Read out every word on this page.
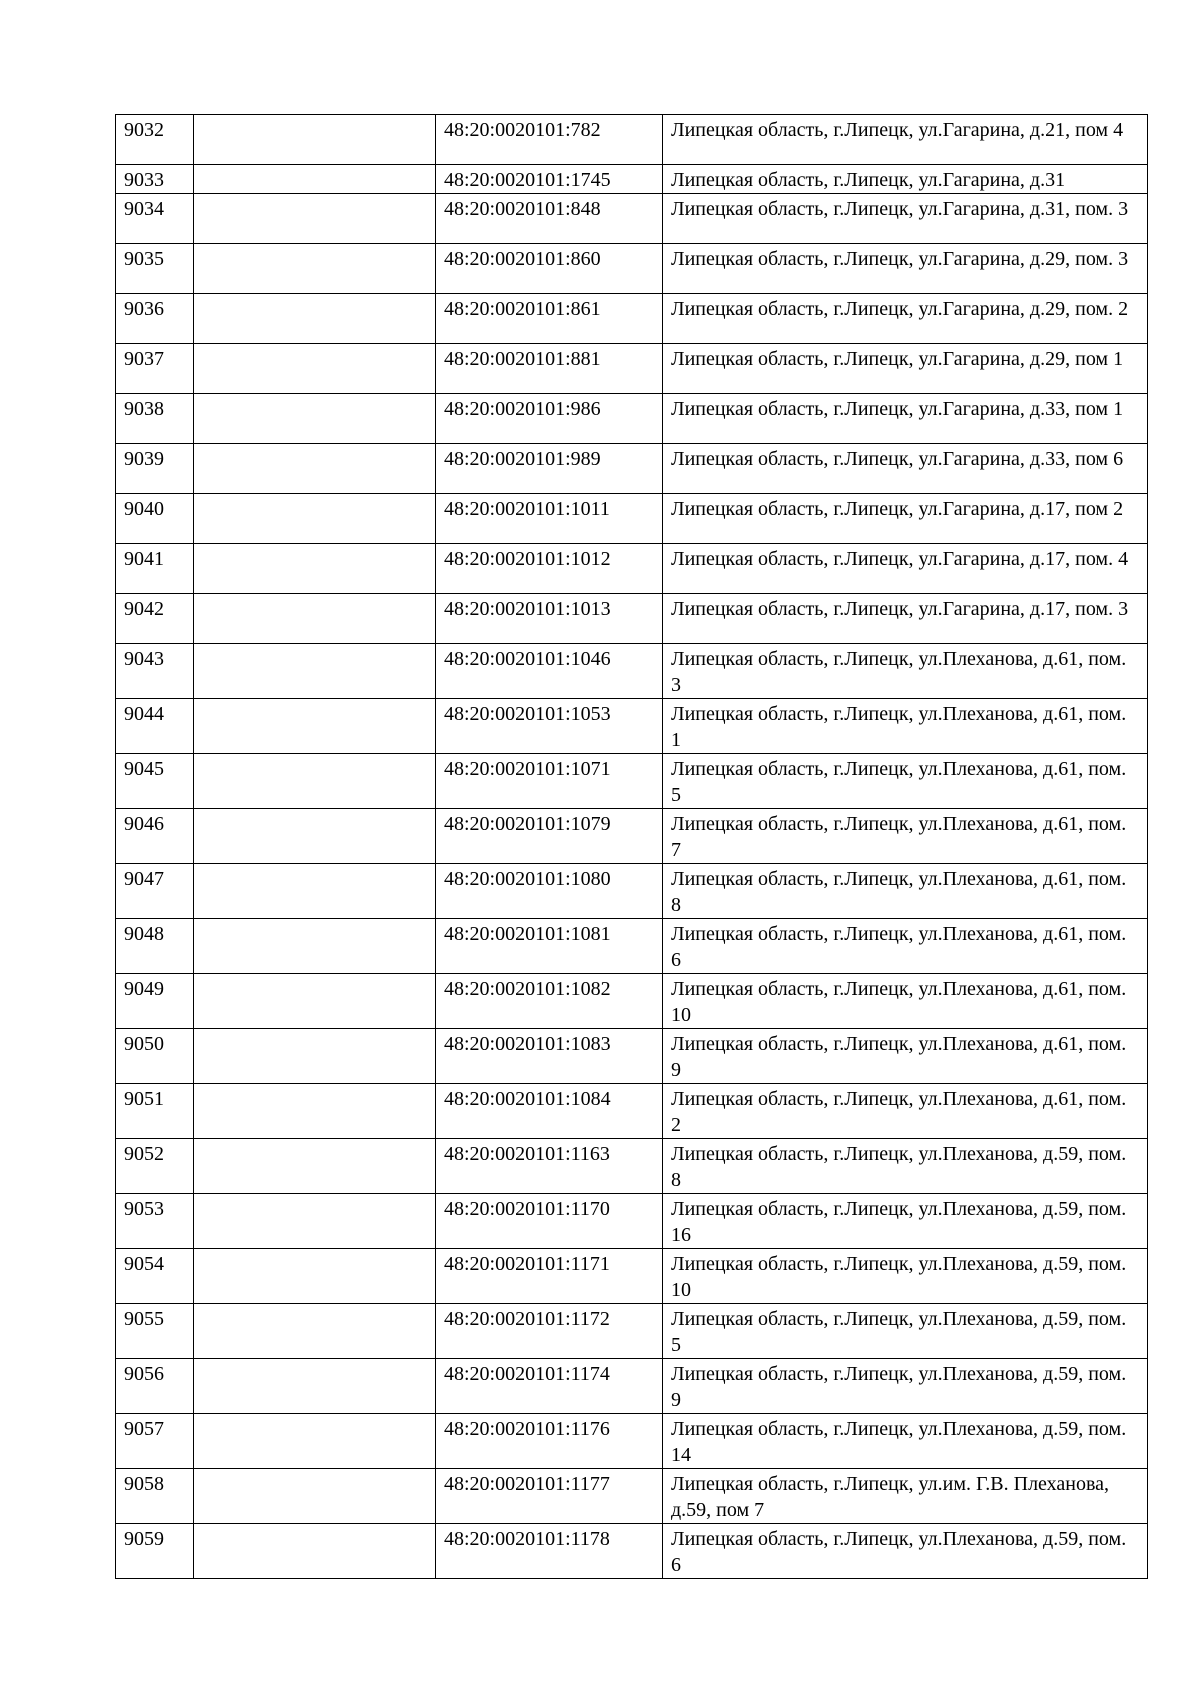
9032		48:20:0020101:782	Липецкая область, г.Липецк, ул.Гагарина, д.21, пом 4
9033		48:20:0020101:1745	Липецкая область, г.Липецк, ул.Гагарина, д.31
9034		48:20:0020101:848	Липецкая область, г.Липецк, ул.Гагарина, д.31, пом. 3
9035		48:20:0020101:860	Липецкая область, г.Липецк, ул.Гагарина, д.29, пом. 3
9036		48:20:0020101:861	Липецкая область, г.Липецк, ул.Гагарина, д.29, пом. 2
9037		48:20:0020101:881	Липецкая область, г.Липецк, ул.Гагарина, д.29, пом 1
9038		48:20:0020101:986	Липецкая область, г.Липецк, ул.Гагарина, д.33, пом 1
9039		48:20:0020101:989	Липецкая область, г.Липецк, ул.Гагарина, д.33, пом 6
9040		48:20:0020101:1011	Липецкая область, г.Липецк, ул.Гагарина, д.17, пом 2
9041		48:20:0020101:1012	Липецкая область, г.Липецк, ул.Гагарина, д.17, пом. 4
9042		48:20:0020101:1013	Липецкая область, г.Липецк, ул.Гагарина, д.17, пом. 3
9043		48:20:0020101:1046	Липецкая область, г.Липецк, ул.Плеханова, д.61, пом. 3
9044		48:20:0020101:1053	Липецкая область, г.Липецк, ул.Плеханова, д.61, пом. 1
9045		48:20:0020101:1071	Липецкая область, г.Липецк, ул.Плеханова, д.61, пом. 5
9046		48:20:0020101:1079	Липецкая область, г.Липецк, ул.Плеханова, д.61, пом. 7
9047		48:20:0020101:1080	Липецкая область, г.Липецк, ул.Плеханова, д.61, пом. 8
9048		48:20:0020101:1081	Липецкая область, г.Липецк, ул.Плеханова, д.61, пом. 6
9049		48:20:0020101:1082	Липецкая область, г.Липецк, ул.Плеханова, д.61, пом. 10
9050		48:20:0020101:1083	Липецкая область, г.Липецк, ул.Плеханова, д.61, пом. 9
9051		48:20:0020101:1084	Липецкая область, г.Липецк, ул.Плеханова, д.61, пом. 2
9052		48:20:0020101:1163	Липецкая область, г.Липецк, ул.Плеханова, д.59, пом. 8
9053		48:20:0020101:1170	Липецкая область, г.Липецк, ул.Плеханова, д.59, пом. 16
9054		48:20:0020101:1171	Липецкая область, г.Липецк, ул.Плеханова, д.59, пом. 10
9055		48:20:0020101:1172	Липецкая область, г.Липецк, ул.Плеханова, д.59, пом. 5
9056		48:20:0020101:1174	Липецкая область, г.Липецк, ул.Плеханова, д.59, пом. 9
9057		48:20:0020101:1176	Липецкая область, г.Липецк, ул.Плеханова, д.59, пом. 14
9058		48:20:0020101:1177	Липецкая область, г.Липецк, ул.им. Г.В. Плеханова, д.59, пом 7
9059		48:20:0020101:1178	Липецкая область, г.Липецк, ул.Плеханова, д.59, пом. 6
